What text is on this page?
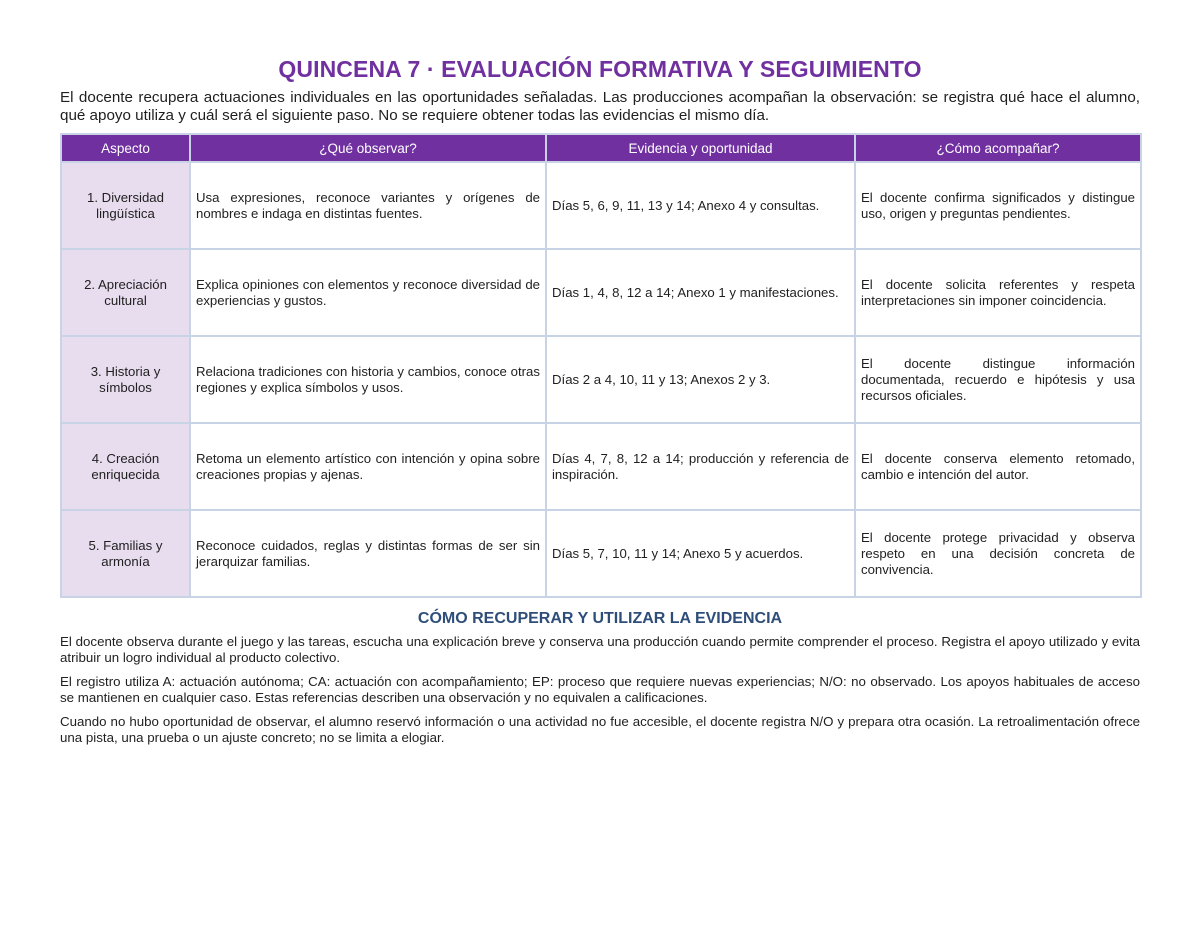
QUINCENA 7 · EVALUACIÓN FORMATIVA Y SEGUIMIENTO

El docente recupera actuaciones individuales en las oportunidades señaladas. Las producciones acompañan la observación: se registra qué hace el alumno, qué apoyo utiliza y cuál será el siguiente paso. No se requiere obtener todas las evidencias el mismo día.

Aspecto	¿Qué observar?	Evidencia y oportunidad	¿Cómo acompañar?
1. Diversidad lingüística	Usa expresiones, reconoce variantes y orígenes de nombres e indaga en distintas fuentes.	Días 5, 6, 9, 11, 13 y 14; Anexo 4 y consultas.	El docente confirma significados y distingue uso, origen y preguntas pendientes.
2. Apreciación cultural	Explica opiniones con elementos y reconoce diversidad de experiencias y gustos.	Días 1, 4, 8, 12 a 14; Anexo 1 y manifestaciones.	El docente solicita referentes y respeta interpretaciones sin imponer coincidencia.
3. Historia y símbolos	Relaciona tradiciones con historia y cambios, conoce otras regiones y explica símbolos y usos.	Días 2 a 4, 10, 11 y 13; Anexos 2 y 3.	El docente distingue información documentada, recuerdo e hipótesis y usa recursos oficiales.
4. Creación enriquecida	Retoma un elemento artístico con intención y opina sobre creaciones propias y ajenas.	Días 4, 7, 8, 12 a 14; producción y referencia de inspiración.	El docente conserva elemento retomado, cambio e intención del autor.
5. Familias y armonía	Reconoce cuidados, reglas y distintas formas de ser sin jerarquizar familias.	Días 5, 7, 10, 11 y 14; Anexo 5 y acuerdos.	El docente protege privacidad y observa respeto en una decisión concreta de convivencia.
CÓMO RECUPERAR Y UTILIZAR LA EVIDENCIA

El docente observa durante el juego y las tareas, escucha una explicación breve y conserva una producción cuando permite comprender el proceso. Registra el apoyo utilizado y evita atribuir un logro individual al producto colectivo.

El registro utiliza A: actuación autónoma; CA: actuación con acompañamiento; EP: proceso que requiere nuevas experiencias; N/O: no observado. Los apoyos habituales de acceso se mantienen en cualquier caso. Estas referencias describen una observación y no equivalen a calificaciones.

Cuando no hubo oportunidad de observar, el alumno reservó información o una actividad no fue accesible, el docente registra N/O y prepara otra ocasión. La retroalimentación ofrece una pista, una prueba o un ajuste concreto; no se limita a elogiar.
